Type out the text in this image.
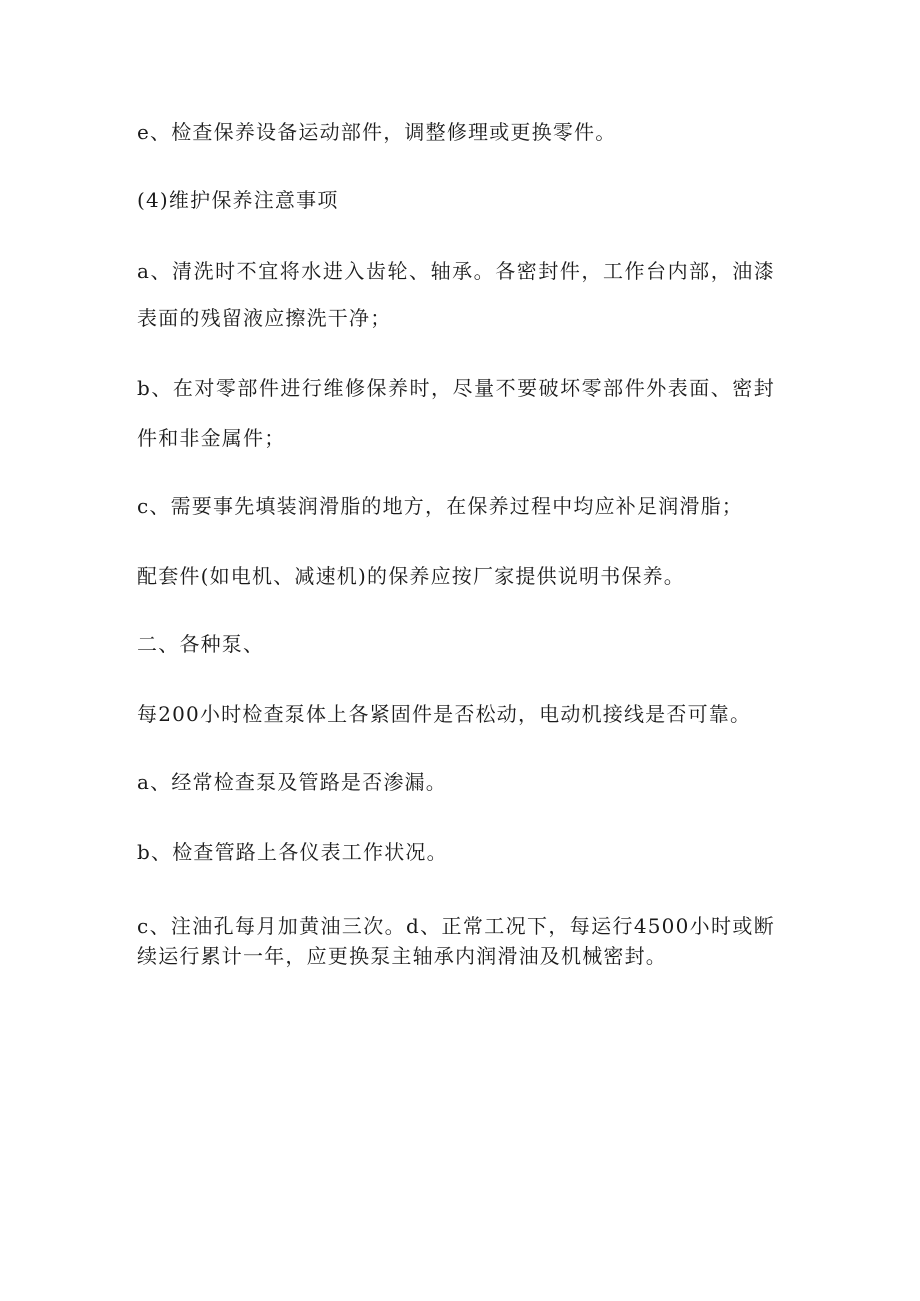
e、检查保养设备运动部件，调整修理或更换零件。
(4)维护保养注意事项
a、清洗时不宜将水进入齿轮、轴承。各密封件，工作台内部，油漆
表面的残留液应擦洗干净；
b、在对零部件进行维修保养时，尽量不要破坏零部件外表面、密封
件和非金属件；
c、需要事先填装润滑脂的地方，在保养过程中均应补足润滑脂；
配套件(如电机、减速机)的保养应按厂家提供说明书保养。
二、各种泵、
每200小时检查泵体上各紧固件是否松动，电动机接线是否可靠。
a、经常检查泵及管路是否渗漏。
b、检查管路上各仪表工作状况。
c、注油孔每月加黄油三次。d、正常工况下，每运行4500小时或断
续运行累计一年，应更换泵主轴承内润滑油及机械密封。
